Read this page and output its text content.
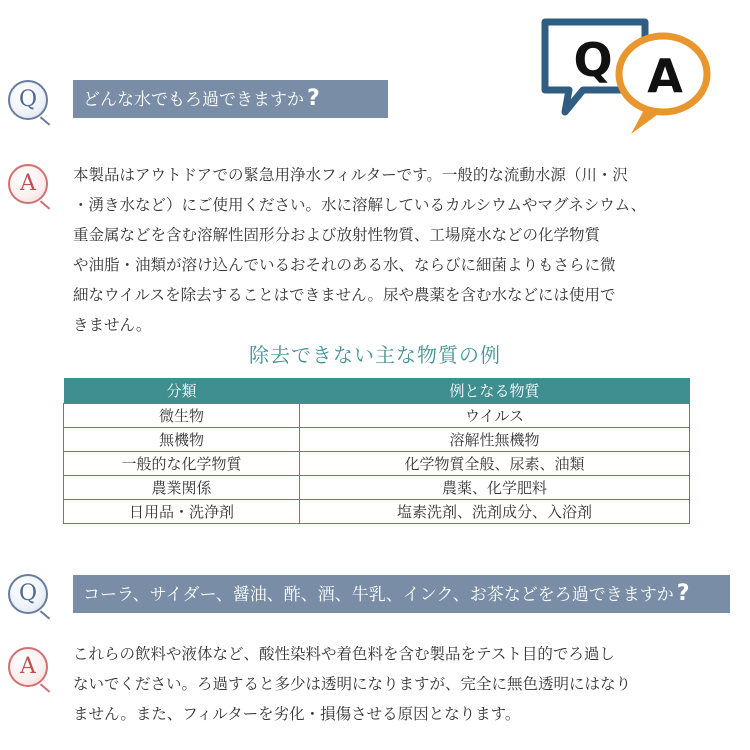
Q A
Q	どんな水でもろ過できますか ?
A	本製品はアウトドアでの緊急用浄水フィルターです。一般的な流動水源（川・沢
・湧き水など）にご使用ください。水に溶解しているカルシウムやマグネシウム、
重金属などを含む溶解性固形分および放射性物質、工場廃水などの化学物質
や油脂・油類が溶け込んでいるおそれのある水、ならびに細菌よりもさらに微
細なウイルスを除去することはできません。尿や農薬を含む水などには使用で
きません。
除去できない主な物質の例
分類	例となる物質
微生物	ウイルス
無機物	溶解性無機物
一般的な化学物質	化学物質全般、尿素、油類
農業関係	農薬、化学肥料
日用品・洗浄剤	塩素洗剤、洗剤成分、入浴剤
Q	コーラ、サイダー、醤油、酢、酒、牛乳、インク、お茶などをろ過できますか ?
A	これらの飲料や液体など、酸性染料や着色料を含む製品をテスト目的でろ過し
ないでください。ろ過すると多少は透明になりますが、完全に無色透明にはなり
ません。また、フィルターを劣化・損傷させる原因となります。
